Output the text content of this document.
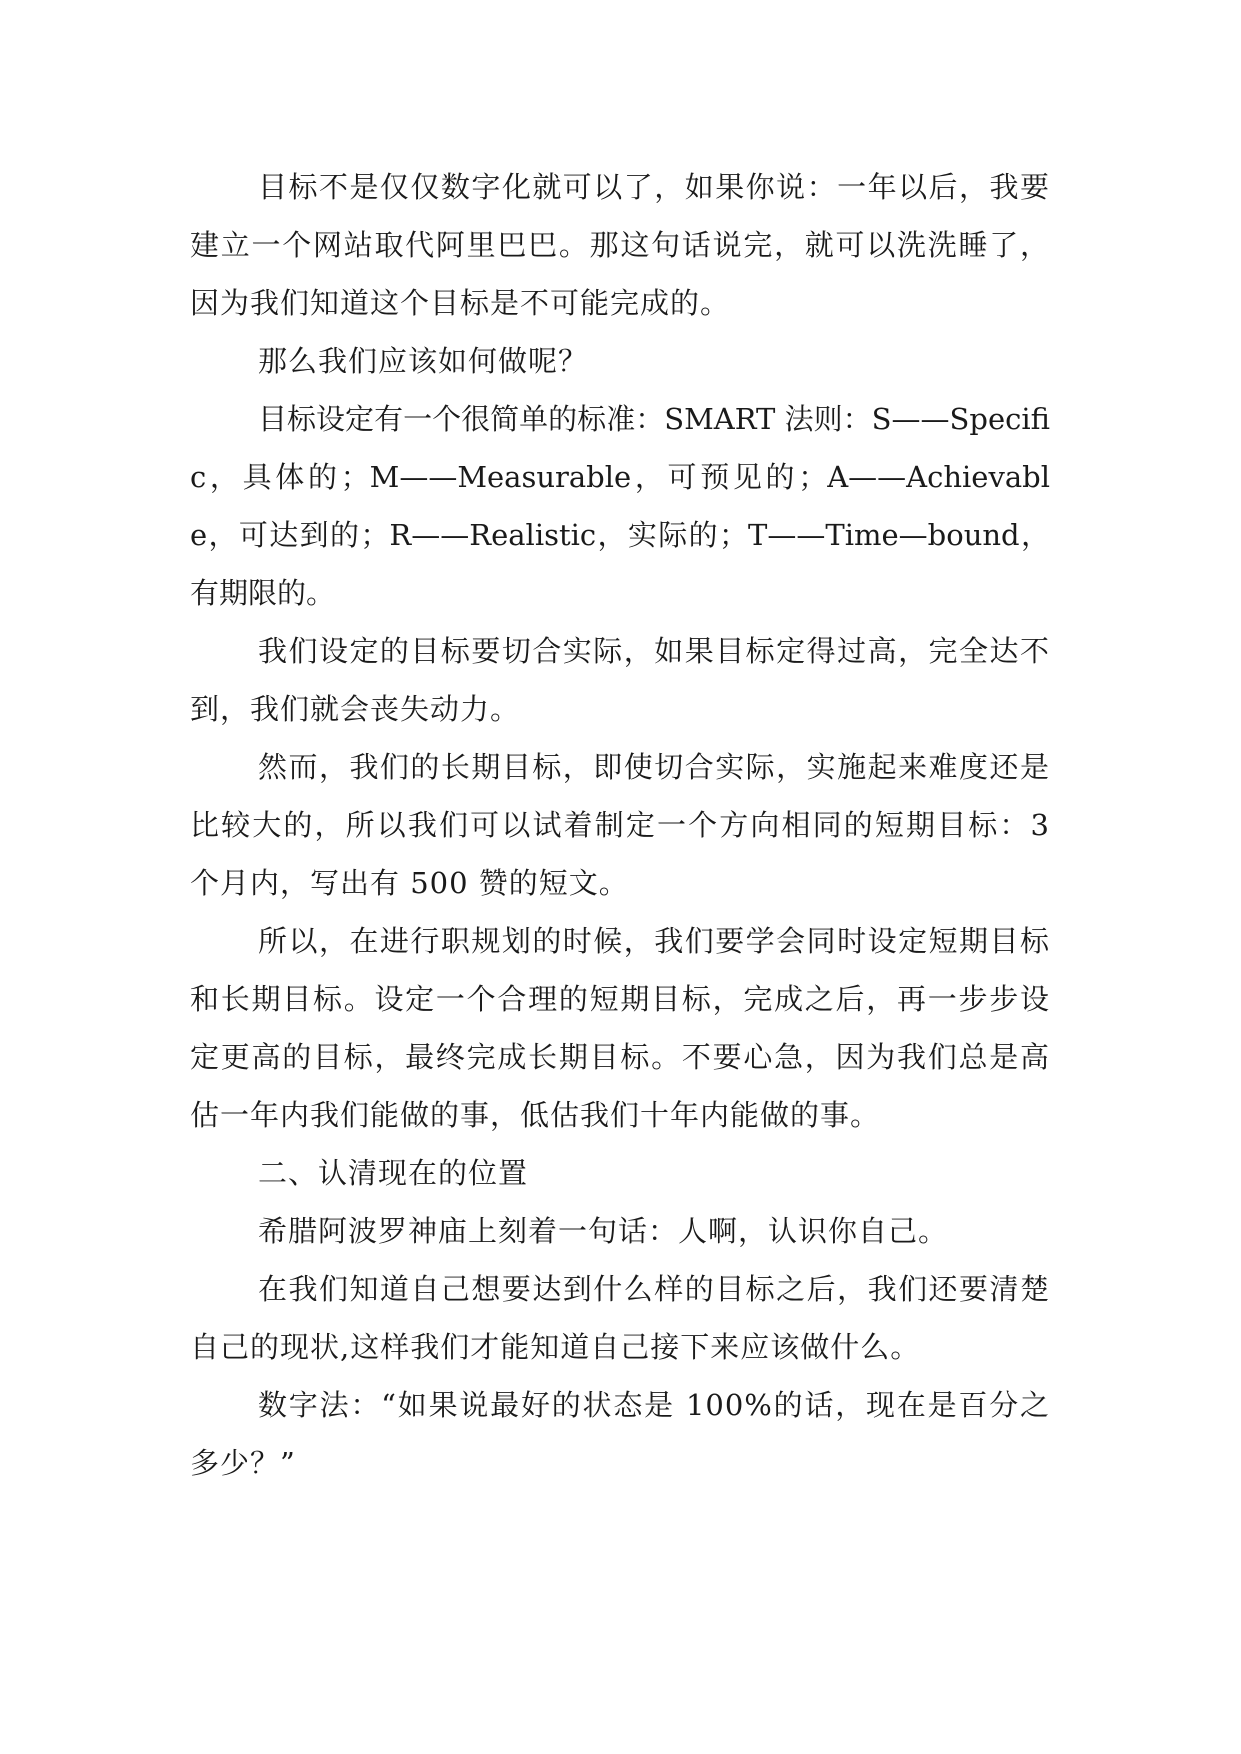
目标不是仅仅数字化就可以了，如果你说：一年以后，我要建立一个网站取代阿里巴巴。那这句话说完，就可以洗洗睡了，因为我们知道这个目标是不可能完成的。

那么我们应该如何做呢？

目标设定有一个很简单的标准：SMART 法则：S——Specific，具体的；M——Measurable，可预见的；A——Achievable，可达到的；R——Realistic，实际的；T——Time—bound，有期限的。

我们设定的目标要切合实际，如果目标定得过高，完全达不到，我们就会丧失动力。

然而，我们的长期目标，即使切合实际，实施起来难度还是比较大的，所以我们可以试着制定一个方向相同的短期目标：3 个月内，写出有 500 赞的短文。

所以，在进行职规划的时候，我们要学会同时设定短期目标和长期目标。设定一个合理的短期目标，完成之后，再一步步设定更高的目标，最终完成长期目标。不要心急，因为我们总是高估一年内我们能做的事，低估我们十年内能做的事。

二、认清现在的位置

希腊阿波罗神庙上刻着一句话：人啊，认识你自己。

在我们知道自己想要达到什么样的目标之后，我们还要清楚自己的现状,这样我们才能知道自己接下来应该做什么。

数字法：“如果说最好的状态是 100%的话，现在是百分之多少？”
